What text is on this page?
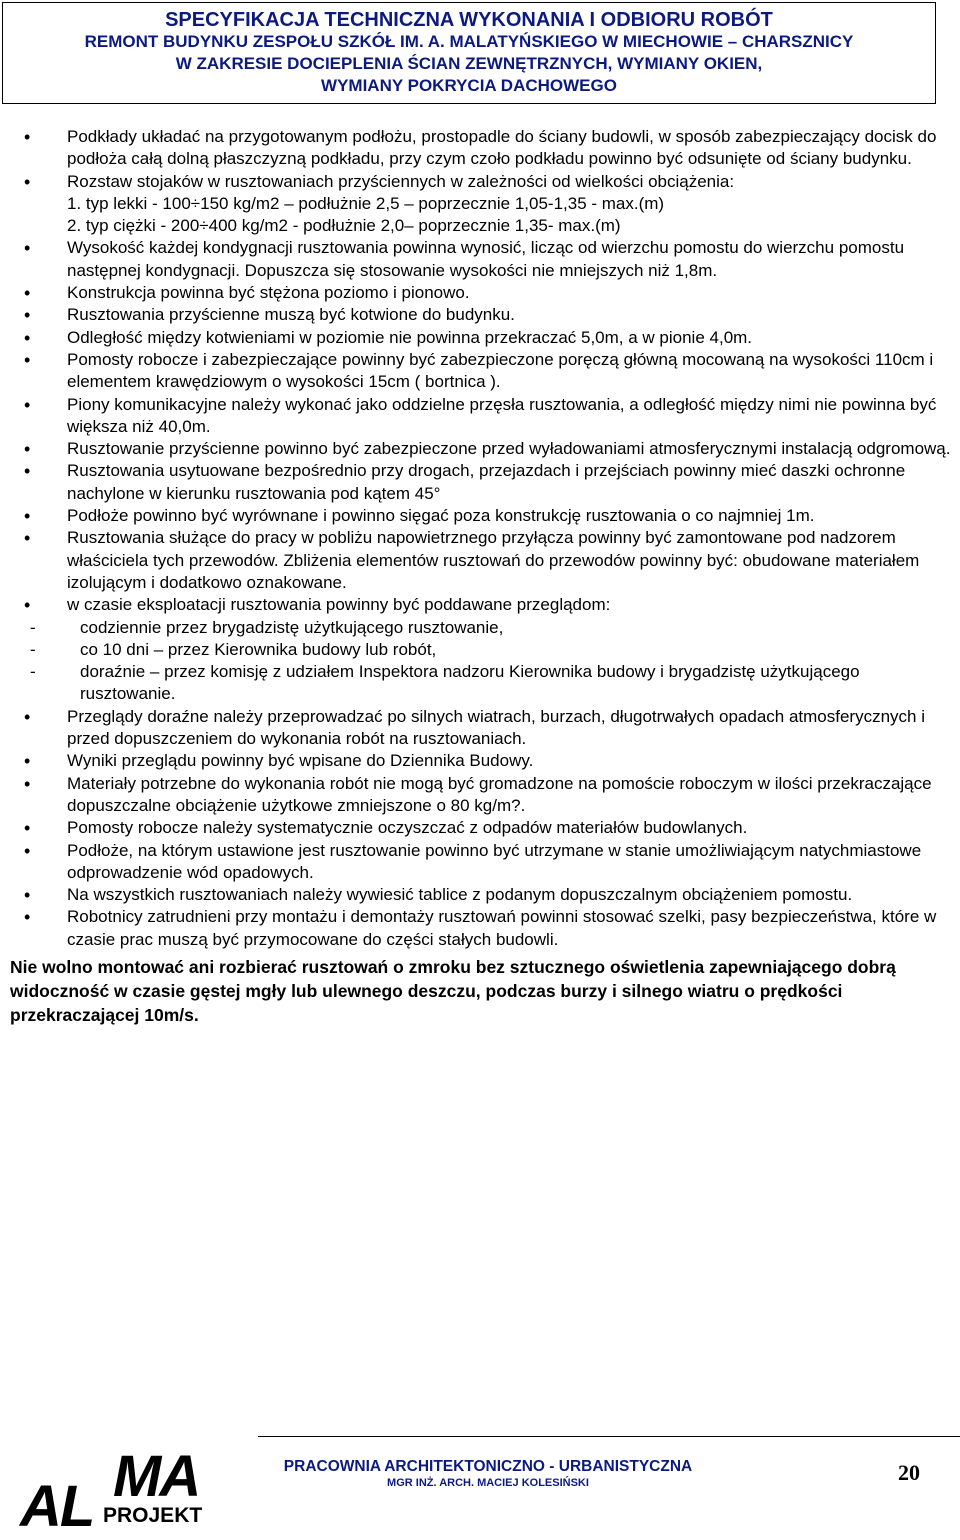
SPECYFIKACJA TECHNICZNA WYKONANIA I ODBIORU ROBÓT
REMONT BUDYNKU ZESPOŁU SZKÓŁ IM. A. MALATYŃSKIEGO W MIECHOWIE – CHARSZNICY
W ZAKRESIE DOCIEPLENIA ŚCIAN ZEWNĘTRZNYCH, WYMIANY OKIEN,
WYMIANY POKRYCIA DACHOWEGO
• Podkłady układać na przygotowanym podłożu, prostopadle do ściany budowli, w sposób zabezpieczający docisk do podłoża całą dolną płaszczyzną podkładu, przy czym czoło podkładu powinno być odsunięte od ściany budynku.
• Rozstaw stojaków w rusztowaniach przyściennych w zależności od wielkości obciążenia:
1. typ lekki - 100÷150 kg/m2 – podłużnie 2,5 – poprzecznie 1,05-1,35 - max.(m)
2. typ ciężki - 200÷400 kg/m2 - podłużnie 2,0– poprzecznie 1,35- max.(m)
• Wysokość każdej kondygnacji rusztowania powinna wynosić, licząc od wierzchu pomostu do wierzchu pomostu następnej kondygnacji. Dopuszcza się stosowanie wysokości nie mniejszych niż 1,8m.
• Konstrukcja powinna być stężona poziomo i pionowo.
• Rusztowania przyścienne muszą być kotwione do budynku.
• Odległość między kotwieniami w poziomie nie powinna przekraczać 5,0m, a w pionie 4,0m.
• Pomosty robocze i zabezpieczające powinny być zabezpieczone poręczą główną mocowaną na wysokości 110cm i elementem krawędziowym o wysokości 15cm ( bortnica ).
• Piony komunikacyjne należy wykonać jako oddzielne przęsła rusztowania, a odległość między nimi nie powinna być większa niż 40,0m.
• Rusztowanie przyścienne powinno być zabezpieczone przed wyładowaniami atmosferycznymi instalacją odgromową.
• Rusztowania usytuowane bezpośrednio przy drogach, przejazdach i przejściach powinny mieć daszki ochronne nachylone w kierunku rusztowania pod kątem 45°
• Podłoże powinno być wyrównane i powinno sięgać poza konstrukcję rusztowania o co najmniej 1m.
• Rusztowania służące do pracy w pobliżu napowietrznego przyłącza powinny być zamontowane pod nadzorem właściciela tych przewodów. Zbliżenia elementów rusztowań do przewodów powinny być: obudowane materiałem izolującym i dodatkowo oznakowane.
• w czasie eksploatacji rusztowania powinny być poddawane przeglądom:
-	codziennie przez brygadzistę użytkującego rusztowanie,
-	co 10 dni – przez Kierownika budowy lub robót,
-	doraźnie – przez komisję z udziałem Inspektora nadzoru Kierownika budowy i brygadzistę użytkującego rusztowanie.
• Przeglądy doraźne należy przeprowadzać po silnych wiatrach, burzach, długotrwałych opadach atmosferycznych i przed dopuszczeniem do wykonania robót na rusztowaniach.
• Wyniki przeglądu powinny być wpisane do Dziennika Budowy.
• Materiały potrzebne do wykonania robót nie mogą być gromadzone na pomoście roboczym w ilości przekraczające dopuszczalne obciążenie użytkowe zmniejszone o 80 kg/m?.
• Pomosty robocze należy systematycznie oczyszczać z odpadów materiałów budowlanych.
• Podłoże, na którym ustawione jest rusztowanie powinno być utrzymane w stanie umożliwiającym natychmiastowe odprowadzenie wód opadowych.
• Na wszystkich rusztowaniach należy wywiesić tablice z podanym dopuszczalnym obciążeniem pomostu.
• Robotnicy zatrudnieni przy montażu i demontaży rusztowań powinni stosować szelki, pasy bezpieczeństwa, które w czasie prac muszą być przymocowane do części stałych budowli.
Nie wolno montować ani rozbierać rusztowań o zmroku bez sztucznego oświetlenia zapewniającego dobrą widoczność w czasie gęstej mgły lub ulewnego deszczu, podczas burzy i silnego wiatru o prędkości przekraczającej 10m/s.
AL MA
PROJEKT
PRACOWNIA ARCHITEKTONICZNO - URBANISTYCZNA
MGR INŻ. ARCH. MACIEJ KOLESIŃSKI	20
